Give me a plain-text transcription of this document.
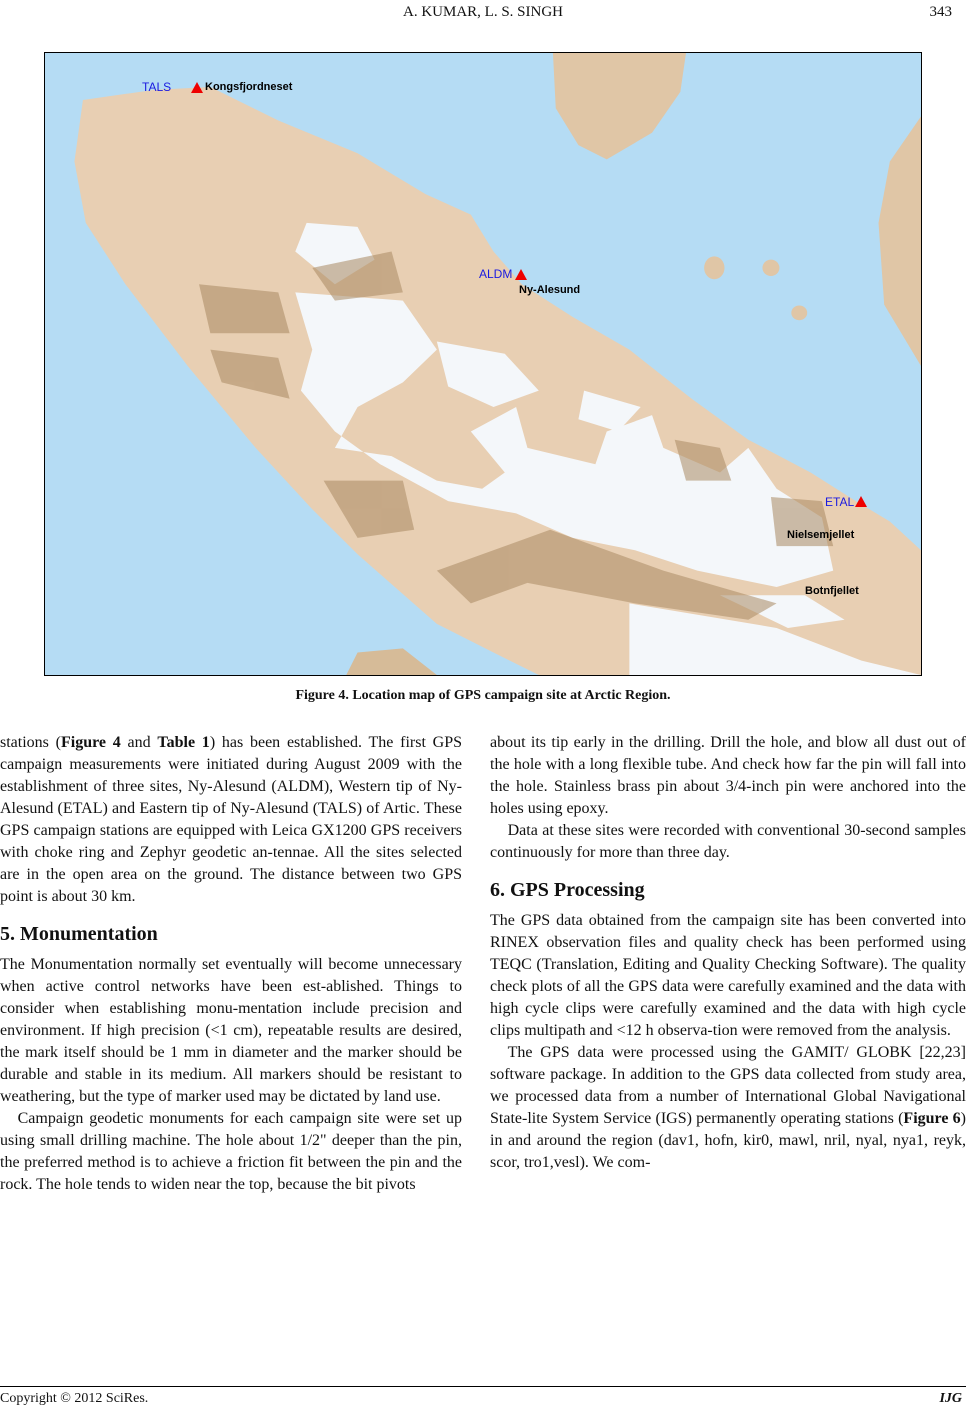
A. KUMAR, L. S. SINGH	343
TALS	Kongsfjordneset
ALDM
Ny-Alesund
ETAL
Nielsemjellet
Botnfjellet
Figure 4. Location map of GPS campaign site at Arctic Region.

stations (Figure 4 and Table 1) has been established. The first GPS campaign measurements were initiated during August 2009 with the establishment of three sites, Ny-Alesund (ALDM), Western tip of Ny-Alesund (ETAL) and Eastern tip of Ny-Alesund (TALS) of Artic. These GPS campaign stations are equipped with Leica GX1200 GPS receivers with choke ring and Zephyr geodetic an-tennae. All the sites selected are in the open area on the ground. The distance between two GPS point is about 30 km.

5. Monumentation

The Monumentation normally set eventually will become unnecessary when active control networks have been est-ablished. Things to consider when establishing monu-mentation include precision and environment. If high precision (<1 cm), repeatable results are desired, the mark itself should be 1 mm in diameter and the marker should be durable and stable in its medium. All markers should be resistant to weathering, but the type of marker used may be dictated by land use.

Campaign geodetic monuments for each campaign site were set up using small drilling machine. The hole about 1/2" deeper than the pin, the preferred method is to achieve a friction fit between the pin and the rock. The hole tends to widen near the top, because the bit pivots

about its tip early in the drilling. Drill the hole, and blow all dust out of the hole with a long flexible tube. And check how far the pin will fall into the hole. Stainless brass pin about 3/4-inch pin were anchored into the holes using epoxy.

Data at these sites were recorded with conventional 30-second samples continuously for more than three day.

6. GPS Processing

The GPS data obtained from the campaign site has been converted into RINEX observation files and quality check has been performed using TEQC (Translation, Editing and Quality Checking Software). The quality check plots of all the GPS data were carefully examined and the data with high cycle clips were carefully examined and the data with high cycle clips multipath and <12 h observa-tion were removed from the analysis.

The GPS data were processed using the GAMIT/ GLOBK [22,23] software package. In addition to the GPS data collected from study area, we processed data from a number of International Global Navigational State-lite System Service (IGS) permanently operating stations (Figure 6) in and around the region (dav1, hofn, kir0, mawl, nril, nyal, nya1, reyk, scor, tro1,vesl). We com-

Copyright © 2012 SciRes.	IJG
